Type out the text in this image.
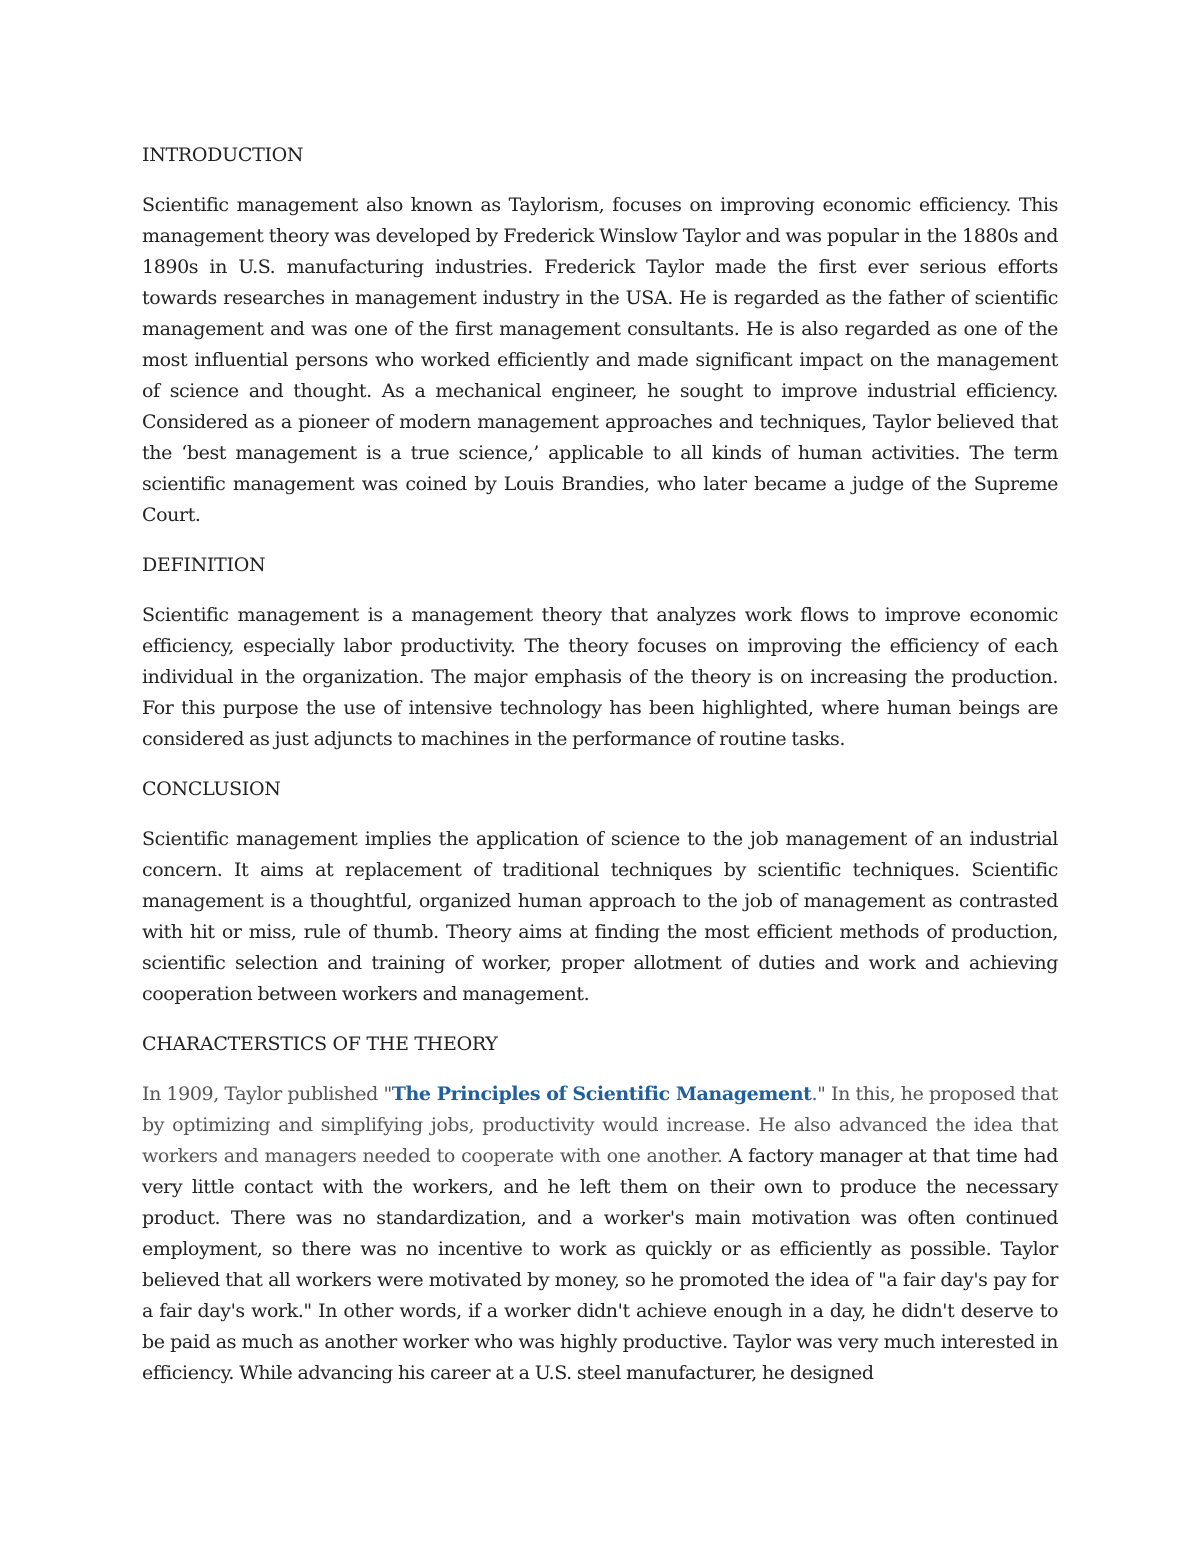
INTRODUCTION

Scientific management also known as Taylorism, focuses on improving economic efficiency. This management theory was developed by Frederick Winslow Taylor and was popular in the 1880s and 1890s in U.S. manufacturing industries. Frederick Taylor made the first ever serious efforts towards researches in management industry in the USA. He is regarded as the father of scientific management and was one of the first management consultants. He is also regarded as one of the most influential persons who worked efficiently and made significant impact on the management of science and thought. As a mechanical engineer, he sought to improve industrial efficiency. Considered as a pioneer of modern management approaches and techniques, Taylor believed that the ‘best management is a true science,’ applicable to all kinds of human activities. The term scientific management was coined by Louis Brandies, who later became a judge of the Supreme Court.

DEFINITION

Scientific management is a management theory that analyzes work flows to improve economic efficiency, especially labor productivity. The theory focuses on improving the efficiency of each individual in the organization. The major emphasis of the theory is on increasing the production. For this purpose the use of intensive technology has been highlighted, where human beings are considered as just adjuncts to machines in the performance of routine tasks.

CONCLUSION

Scientific management implies the application of science to the job management of an industrial concern. It aims at replacement of traditional techniques by scientific techniques. Scientific management is a thoughtful, organized human approach to the job of management as contrasted with hit or miss, rule of thumb. Theory aims at finding the most efficient methods of production, scientific selection and training of worker, proper allotment of duties and work and achieving cooperation between workers and management.

CHARACTERSTICS OF THE THEORY

In 1909, Taylor published "The Principles of Scientific Management." In this, he proposed that by optimizing and simplifying jobs, productivity would increase. He also advanced the idea that workers and managers needed to cooperate with one another. A factory manager at that time had very little contact with the workers, and he left them on their own to produce the necessary product. There was no standardization, and a worker's main motivation was often continued employment, so there was no incentive to work as quickly or as efficiently as possible. Taylor believed that all workers were motivated by money, so he promoted the idea of "a fair day's pay for a fair day's work." In other words, if a worker didn't achieve enough in a day, he didn't deserve to be paid as much as another worker who was highly productive. Taylor was very much interested in efficiency. While advancing his career at a U.S. steel manufacturer, he designed
